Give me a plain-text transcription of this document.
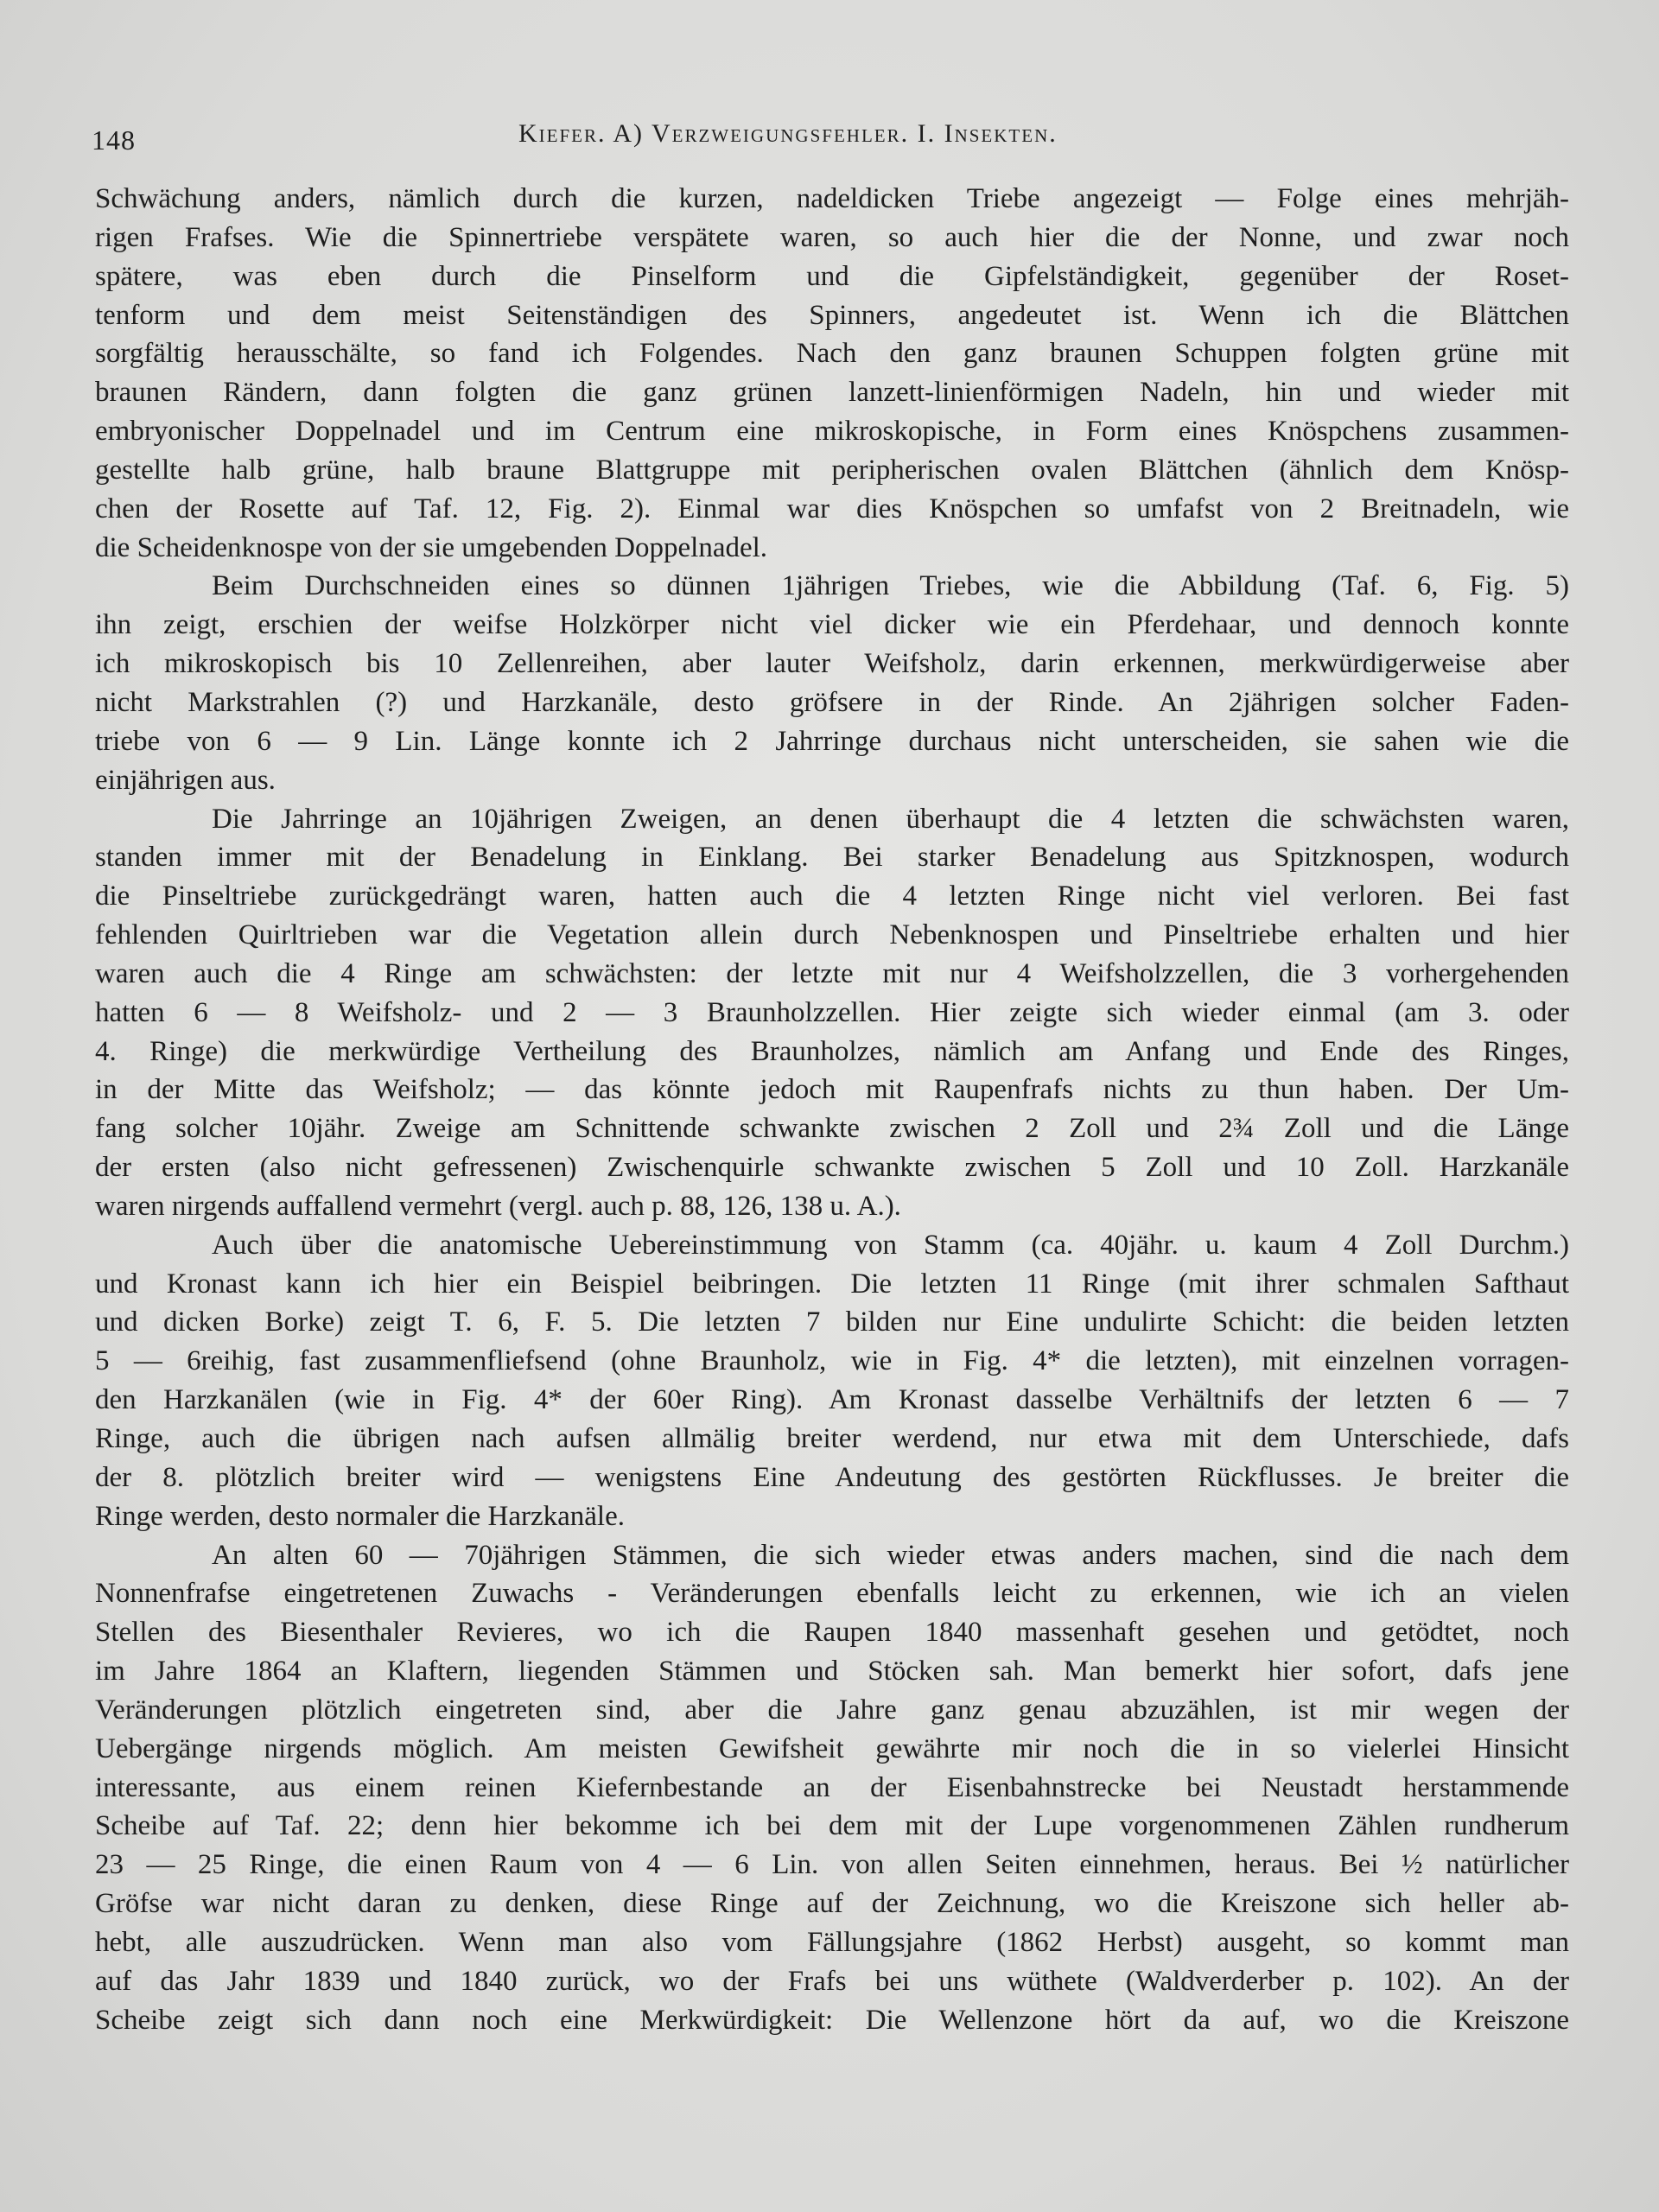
148	Kiefer. A) Verzweigungsfehler. I. Insekten.
Schwächung anders, nämlich durch die kurzen, nadeldicken Triebe angezeigt — Folge eines mehrjäh-
rigen Frafses. Wie die Spinnertriebe verspätete waren, so auch hier die der Nonne, und zwar noch
spätere, was eben durch die Pinselform und die Gipfelständigkeit, gegenüber der Roset-
tenform und dem meist Seitenständigen des Spinners, angedeutet ist. Wenn ich die Blättchen
sorgfältig herausschälte, so fand ich Folgendes. Nach den ganz braunen Schuppen folgten grüne mit
braunen Rändern, dann folgten die ganz grünen lanzett-linienförmigen Nadeln, hin und wieder mit
embryonischer Doppelnadel und im Centrum eine mikroskopische, in Form eines Knöspchens zusammen-
gestellte halb grüne, halb braune Blattgruppe mit peripherischen ovalen Blättchen (ähnlich dem Knösp-
chen der Rosette auf Taf. 12, Fig. 2). Einmal war dies Knöspchen so umfafst von 2 Breitnadeln, wie
die Scheidenknospe von der sie umgebenden Doppelnadel.
Beim Durchschneiden eines so dünnen 1jährigen Triebes, wie die Abbildung (Taf. 6, Fig. 5)
ihn zeigt, erschien der weifse Holzkörper nicht viel dicker wie ein Pferdehaar, und dennoch konnte
ich mikroskopisch bis 10 Zellenreihen, aber lauter Weifsholz, darin erkennen, merkwürdigerweise aber
nicht Markstrahlen (?) und Harzkanäle, desto gröfsere in der Rinde. An 2jährigen solcher Faden-
triebe von 6 — 9 Lin. Länge konnte ich 2 Jahrringe durchaus nicht unterscheiden, sie sahen wie die
einjährigen aus.
Die Jahrringe an 10jährigen Zweigen, an denen überhaupt die 4 letzten die schwächsten waren,
standen immer mit der Benadelung in Einklang. Bei starker Benadelung aus Spitzknospen, wodurch
die Pinseltriebe zurückgedrängt waren, hatten auch die 4 letzten Ringe nicht viel verloren. Bei fast
fehlenden Quirltrieben war die Vegetation allein durch Nebenknospen und Pinseltriebe erhalten und hier
waren auch die 4 Ringe am schwächsten: der letzte mit nur 4 Weifsholzzellen, die 3 vorhergehenden
hatten 6 — 8 Weifsholz- und 2 — 3 Braunholzzellen. Hier zeigte sich wieder einmal (am 3. oder
4. Ringe) die merkwürdige Vertheilung des Braunholzes, nämlich am Anfang und Ende des Ringes,
in der Mitte das Weifsholz; — das könnte jedoch mit Raupenfrafs nichts zu thun haben. Der Um-
fang solcher 10jähr. Zweige am Schnittende schwankte zwischen 2 Zoll und 2¾ Zoll und die Länge
der ersten (also nicht gefressenen) Zwischenquirle schwankte zwischen 5 Zoll und 10 Zoll. Harzkanäle
waren nirgends auffallend vermehrt (vergl. auch p. 88, 126, 138 u. A.).
Auch über die anatomische Uebereinstimmung von Stamm (ca. 40jähr. u. kaum 4 Zoll Durchm.)
und Kronast kann ich hier ein Beispiel beibringen. Die letzten 11 Ringe (mit ihrer schmalen Safthaut
und dicken Borke) zeigt T. 6, F. 5. Die letzten 7 bilden nur Eine undulirte Schicht: die beiden letzten
5 — 6reihig, fast zusammenfliefsend (ohne Braunholz, wie in Fig. 4* die letzten), mit einzelnen vorragen-
den Harzkanälen (wie in Fig. 4* der 60er Ring). Am Kronast dasselbe Verhältnifs der letzten 6 — 7
Ringe, auch die übrigen nach aufsen allmälig breiter werdend, nur etwa mit dem Unterschiede, dafs
der 8. plötzlich breiter wird — wenigstens Eine Andeutung des gestörten Rückflusses. Je breiter die
Ringe werden, desto normaler die Harzkanäle.
An alten 60 — 70jährigen Stämmen, die sich wieder etwas anders machen, sind die nach dem
Nonnenfrafse eingetretenen Zuwachs - Veränderungen ebenfalls leicht zu erkennen, wie ich an vielen
Stellen des Biesenthaler Revieres, wo ich die Raupen 1840 massenhaft gesehen und getödtet, noch
im Jahre 1864 an Klaftern, liegenden Stämmen und Stöcken sah. Man bemerkt hier sofort, dafs jene
Veränderungen plötzlich eingetreten sind, aber die Jahre ganz genau abzuzählen, ist mir wegen der
Uebergänge nirgends möglich. Am meisten Gewifsheit gewährte mir noch die in so vielerlei Hinsicht
interessante, aus einem reinen Kiefernbestande an der Eisenbahnstrecke bei Neustadt herstammende
Scheibe auf Taf. 22; denn hier bekomme ich bei dem mit der Lupe vorgenommenen Zählen rundherum
23 — 25 Ringe, die einen Raum von 4 — 6 Lin. von allen Seiten einnehmen, heraus. Bei ½ natürlicher
Gröfse war nicht daran zu denken, diese Ringe auf der Zeichnung, wo die Kreiszone sich heller ab-
hebt, alle auszudrücken. Wenn man also vom Fällungsjahre (1862 Herbst) ausgeht, so kommt man
auf das Jahr 1839 und 1840 zurück, wo der Frafs bei uns wüthete (Waldverderber p. 102). An der
Scheibe zeigt sich dann noch eine Merkwürdigkeit: Die Wellenzone hört da auf, wo die Kreiszone
